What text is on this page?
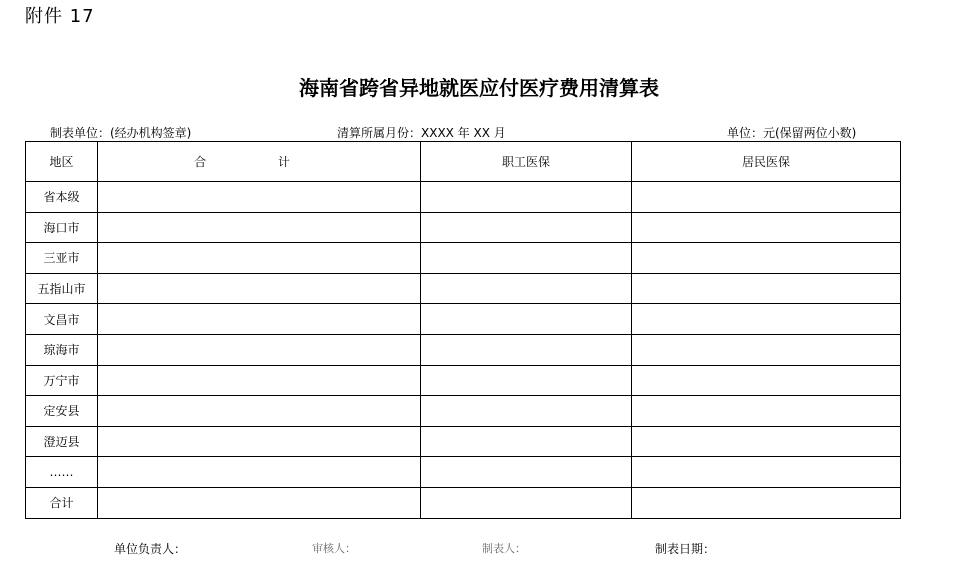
附件 17
海南省跨省异地就医应付医疗费用清算表
制表单位：(经办机构签章)	清算所属月份：XXXX 年 XX 月	单位：元(保留两位小数)
地区	合 计	职工医保	居民医保
省本级			
海口市			
三亚市			
五指山市			
文昌市			
琼海市			
万宁市			
定安县			
澄迈县			
……			
合计			
单位负责人：	审核人：	制表人：	制表日期：
